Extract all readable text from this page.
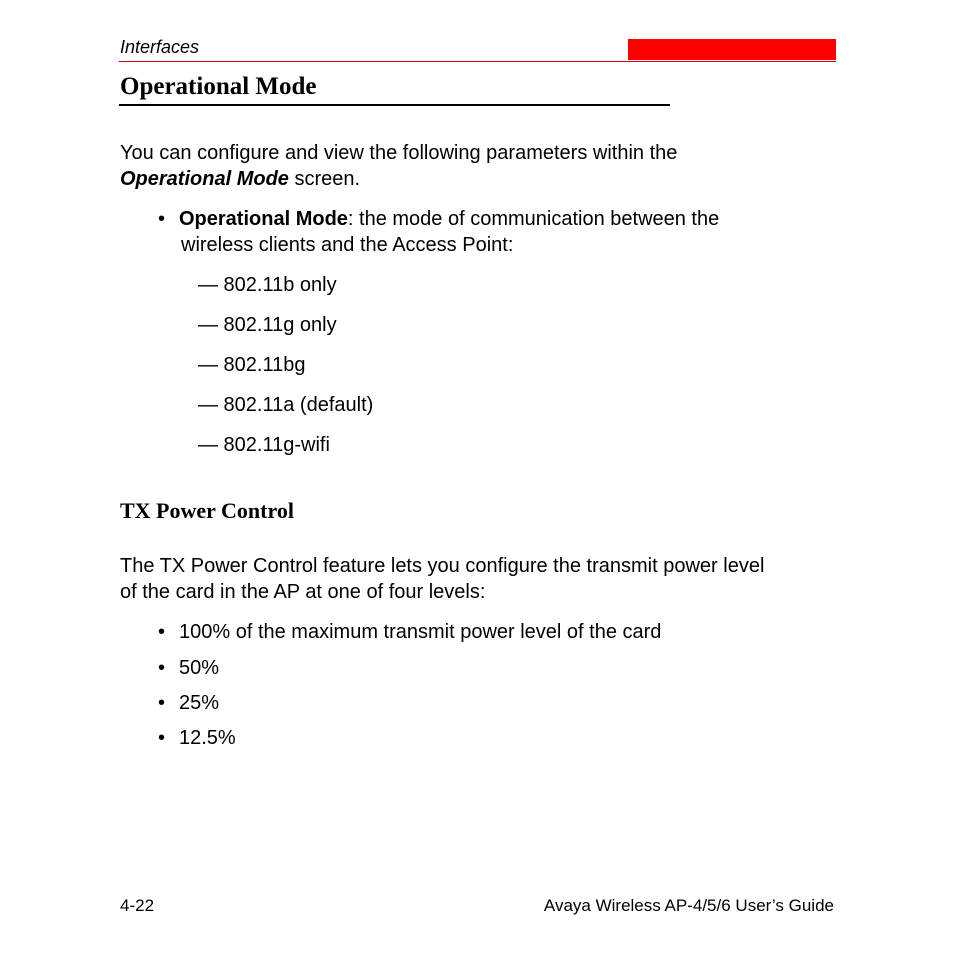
Interfaces
Operational Mode
You can configure and view the following parameters within the
Operational Mode screen.
• Operational Mode: the mode of communication between the
wireless clients and the Access Point:
— 802.11b only
— 802.11g only
— 802.11bg
— 802.11a (default)
— 802.11g-wifi
TX Power Control
The TX Power Control feature lets you configure the transmit power level
of the card in the AP at one of four levels:
• 100% of the maximum transmit power level of the card
• 50%
• 25%
• 12.5%
4-22	Avaya Wireless AP-4/5/6 User’s Guide
